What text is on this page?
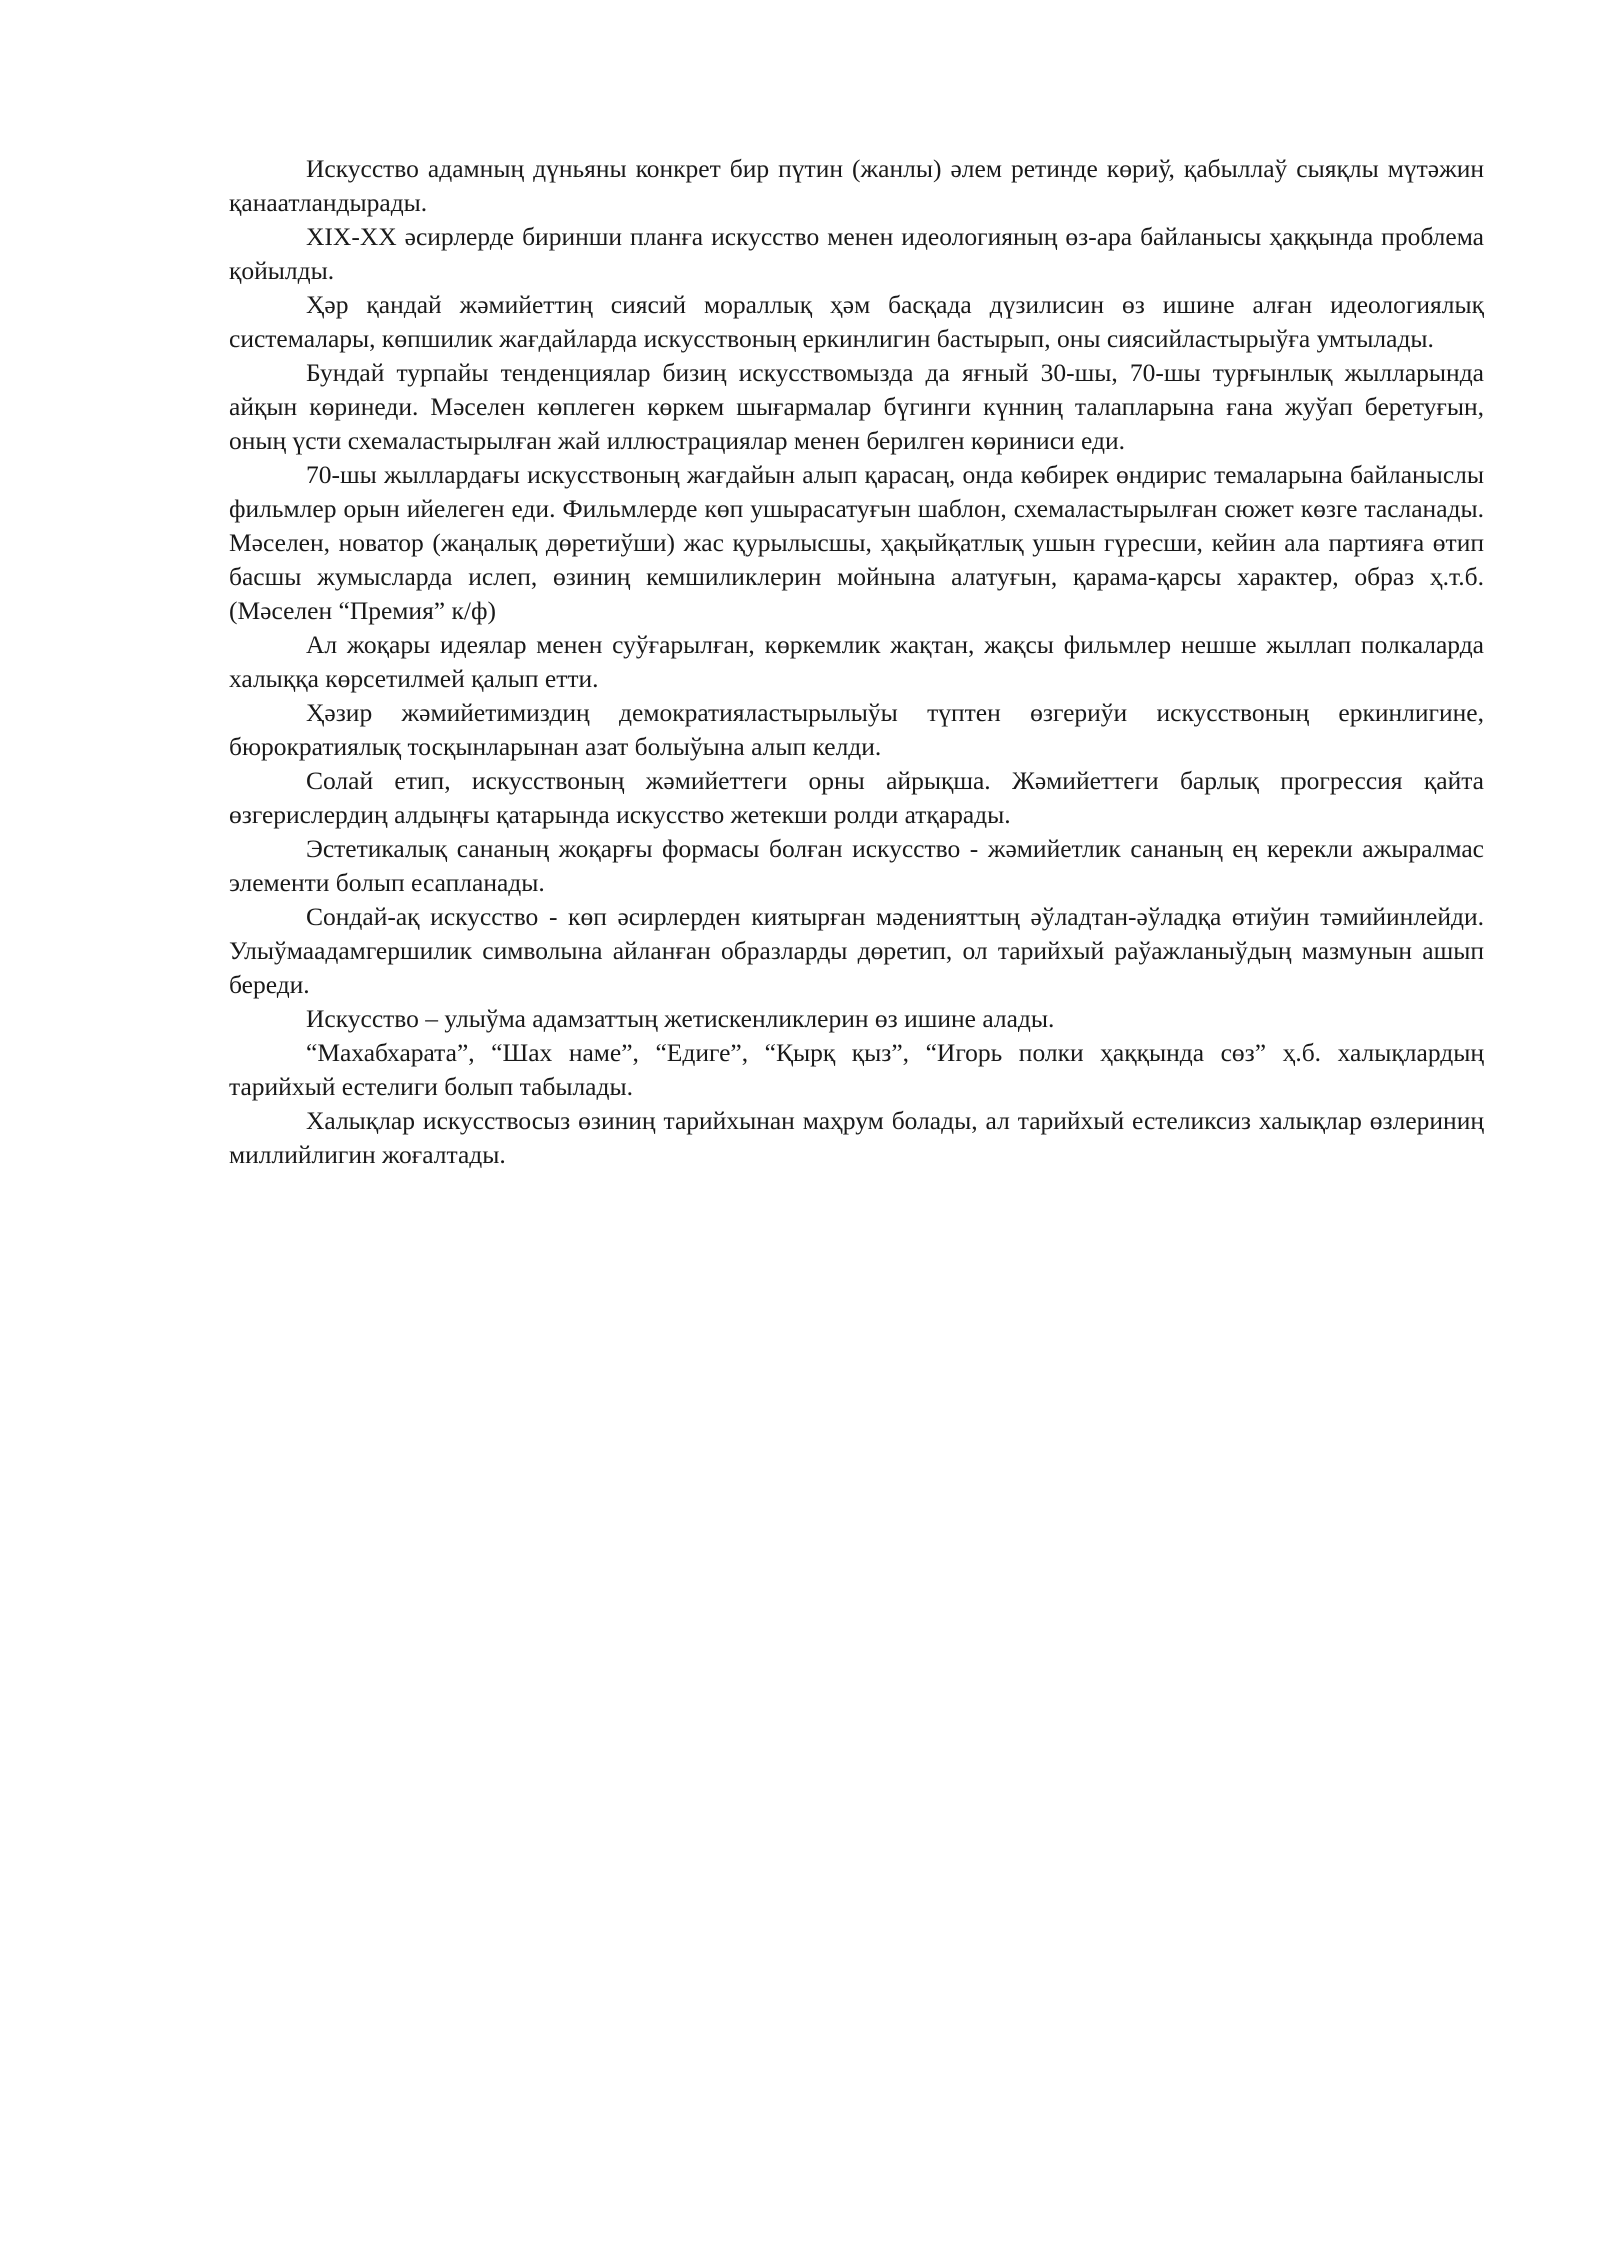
Искусство адамның дүньяны конкрет бир пүтин (жанлы) әлем ретинде көриў, қабыллаў сыяқлы мүтәжин қанаатландырады.

XIX-XX әсирлерде биринши планға искусство менен идеологияның өз-ара байланысы ҳаққында проблема қойылды.

Ҳәр қандай жәмийеттиң сиясий мораллық ҳәм басқада дүзилисин өз ишине алған идеологиялық системалары, көпшилик жағдайларда искусствоның еркинлигин бастырып, оны сиясийластырыўға умтылады.

Бундай турпайы тенденциялар бизиң искусствомызда да яғный 30-шы, 70-шы турғынлық жылларында айқын көринеди. Мәселен көплеген көркем шығармалар бүгинги күнниң талапларына ғана жуўап беретуғын, оның үсти схемаластырылған жай иллюстрациялар менен берилген көриниси еди.

70-шы жыллардағы искусствоның жағдайын алып қарасаң, онда көбирек өндирис темаларына байланыслы фильмлер орын ийелеген еди. Фильмлерде көп ушырасатуғын шаблон, схемаластырылған сюжет көзге тасланады. Мәселен, новатор (жаңалық дөретиўши) жас қурылысшы, ҳақыйқатлық ушын гүресши, кейин ала партияға өтип басшы жумысларда ислеп, өзиниң кемшиликлерин мойнына алатуғын, қарама-қарсы характер, образ ҳ.т.б. (Мәселен “Премия” к/ф)

Ал жоқары идеялар менен суўғарылған, көркемлик жақтан, жақсы фильмлер нешше жыллап полкаларда халыққа көрсетилмей қалып етти.

Ҳәзир жәмийетимиздиң демократияластырылыўы түптен өзгериўи искусствоның еркинлигине, бюрократиялық тосқынларынан азат болыўына алып келди.

Солай етип, искусствоның жәмийеттеги орны айрықша. Жәмийеттеги барлық прогрессия қайта өзгерислердиң алдыңғы қатарында искусство жетекши ролди атқарады.

Эстетикалық сананың жоқарғы формасы болған искусство - жәмийетлик сананың ең керекли ажыралмас элементи болып есапланады.

Сондай-ақ искусство - көп әсирлерден киятырған мәденияттың әўладтан-әўладқа өтиўин тәмийинлейди. Улыўмаадамгершилик символына айланған образларды дөретип, ол тарийхый раўажланыўдың мазмунын ашып береди.

Искусство – улыўма адамзаттың жетискенликлерин өз ишине алады.

“Махабхарата”, “Шах наме”, “Едиге”, “Қырқ қыз”, “Игорь полки ҳаққында сөз” ҳ.б. халықлардың тарийхый естелиги болып табылады.

Халықлар искусствосыз өзиниң тарийхынан маҳрум болады, ал тарийхый естеликсиз халықлар өзлериниң миллийлигин жоғалтады.
